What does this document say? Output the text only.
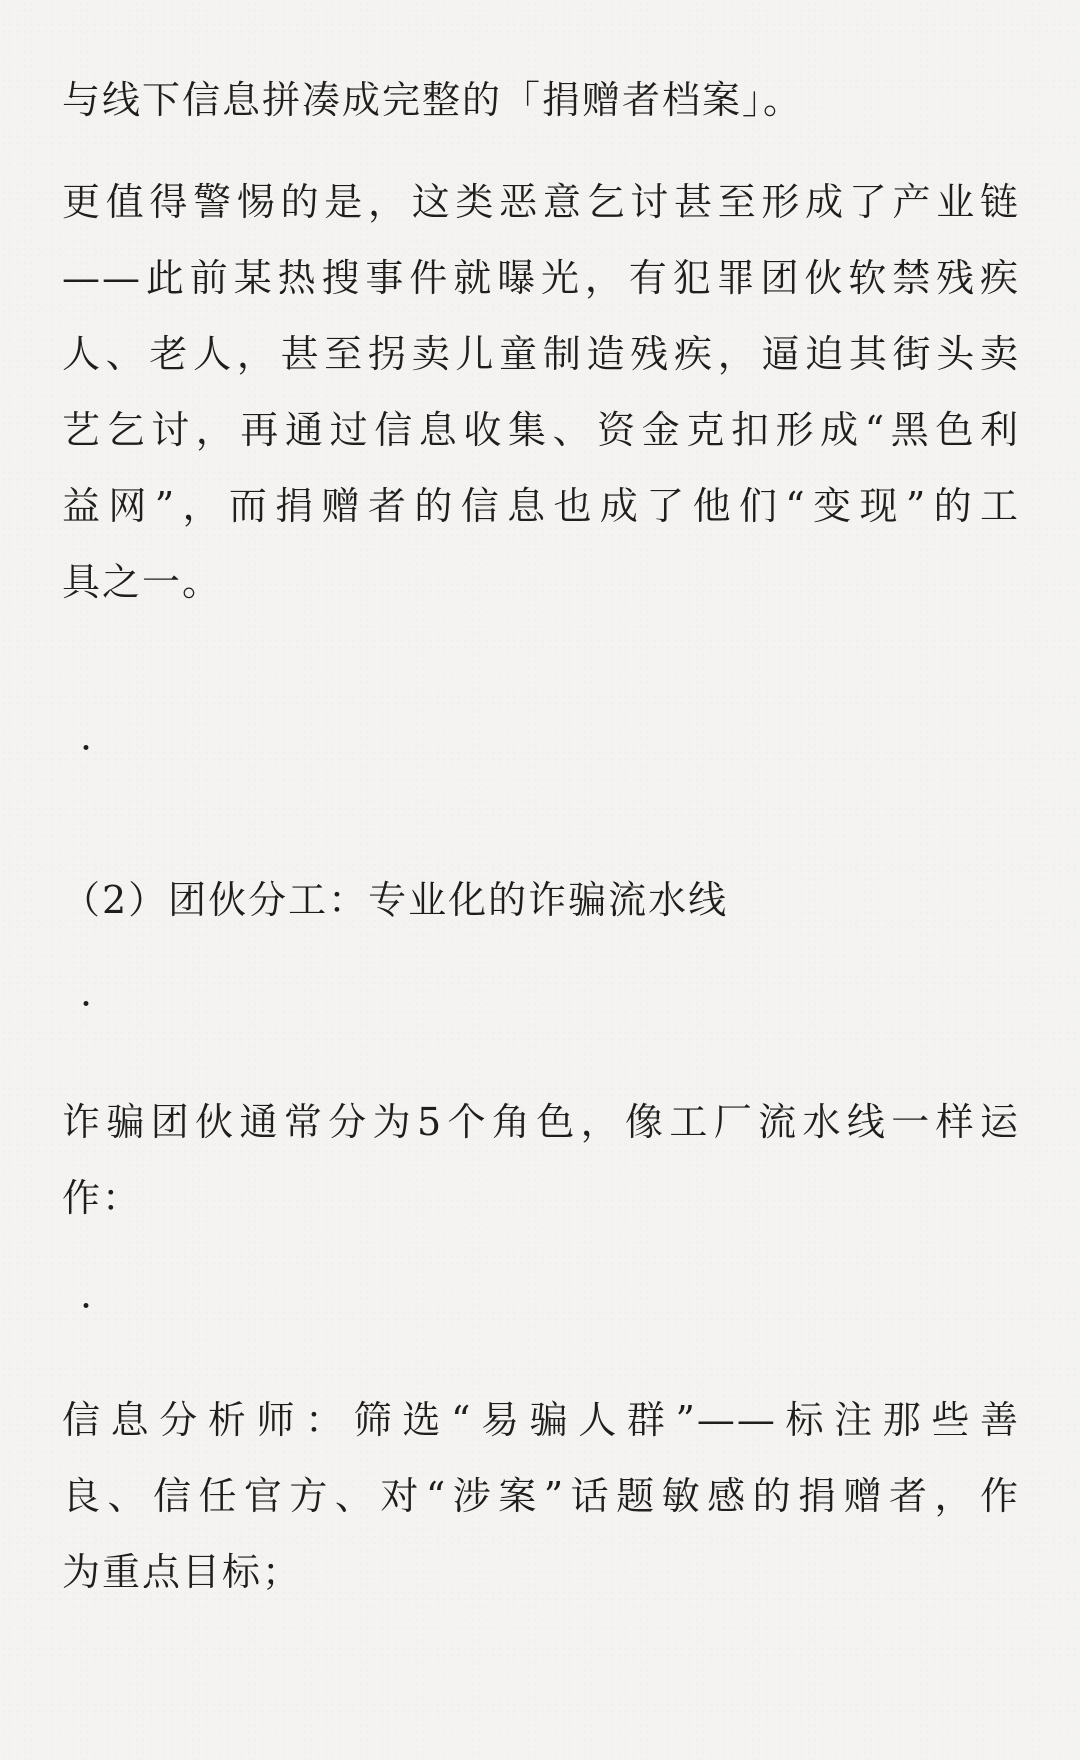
与线下信息拼凑成完整的「捐赠者档案」。

更值得警惕的是，这类恶意乞讨甚至形成了产业链
——此前某热搜事件就曝光，有犯罪团伙软禁残疾
人、老人，甚至拐卖儿童制造残疾，逼迫其街头卖
艺乞讨，再通过信息收集、资金克扣形成“黑色利
益网”，而捐赠者的信息也成了他们“变现”的工
具之一。

·
（2）团伙分工：专业化的诈骗流水线
·

诈骗团伙通常分为5个角色，像工厂流水线一样运
作：

·

信息分析师：筛选“易骗人群”——标注那些善
良、信任官方、对“涉案”话题敏感的捐赠者，作
为重点目标；
